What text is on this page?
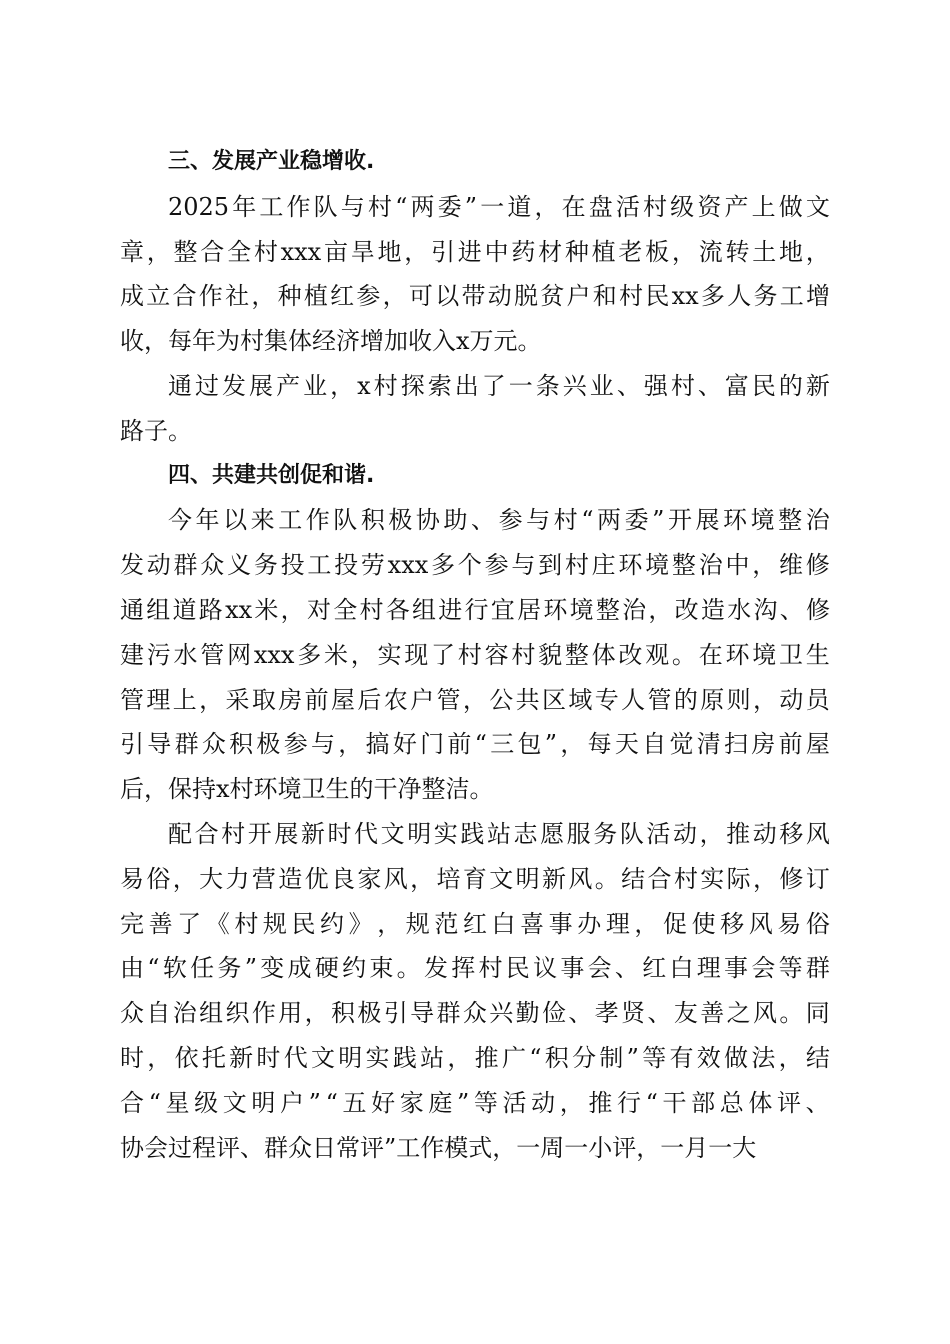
三、发展产业稳增收.
2025 年 工 作 队 与 村 “ 两 委 ” 一 道 ， 在 盘 活 村 级 资 产 上 做 文
章 ， 整 合 全 村 xxx 亩 旱 地 ， 引 进 中 药 材 种 植 老 板 ， 流 转 土 地 ，
成 立 合 作 社 ， 种 植 红 参 ， 可 以 带 动 脱 贫 户 和 村 民 xx 多 人 务 工 增
收，每年为村集体经济增加收入x万元。
通 过 发 展 产 业 ， x 村 探 索 出 了 一 条 兴 业 、 强 村 、 富 民 的 新
路子。
四、共建共创促和谐.
今 年 以 来 工 作 队 积 极 协 助 、 参 与 村 “ 两 委 ” 开 展 环 境 整 治
发 动 群 众 义 务 投 工 投 劳 xxx 多 个 参 与 到 村 庄 环 境 整 治 中 ， 维 修
通 组 道 路 xx 米 ， 对 全 村 各 组 进 行 宜 居 环 境 整 治 ， 改 造 水 沟 、 修
建 污 水 管 网 xxx 多 米 ， 实 现 了 村 容 村 貌 整 体 改 观 。 在 环 境 卫 生
管 理 上 ， 采 取 房 前 屋 后 农 户 管 ， 公 共 区 域 专 人 管 的 原 则 ， 动 员
引 导 群 众 积 极 参 与 ， 搞 好 门 前 “ 三 包 ” ， 每 天 自 觉 清 扫 房 前 屋
后，保持x村环境卫生的干净整洁。
配 合 村 开 展 新 时 代 文 明 实 践 站 志 愿 服 务 队 活 动 ， 推 动 移 风
易 俗 ， 大 力 营 造 优 良 家 风 ， 培 育 文 明 新 风 。 结 合 村 实 际 ， 修 订
完 善 了 《 村 规 民 约 》 ， 规 范 红 白 喜 事 办 理 ， 促 使 移 风 易 俗
由 “ 软 任 务 ” 变 成 硬 约 束 。 发 挥 村 民 议 事 会 、 红 白 理 事 会 等 群
众 自 治 组 织 作 用 ， 积 极 引 导 群 众 兴 勤 俭 、 孝 贤 、 友 善 之 风 。 同
时 ， 依 托 新 时 代 文 明 实 践 站 ， 推 广 “ 积 分 制 ” 等 有 效 做 法 ， 结
合 “ 星 级 文 明 户 ” “ 五 好 家 庭 ” 等 活 动 ， 推 行 “ 干 部 总 体 评 、
协会过程评、群众日常评”工作模式，一周一小评，一月一大
